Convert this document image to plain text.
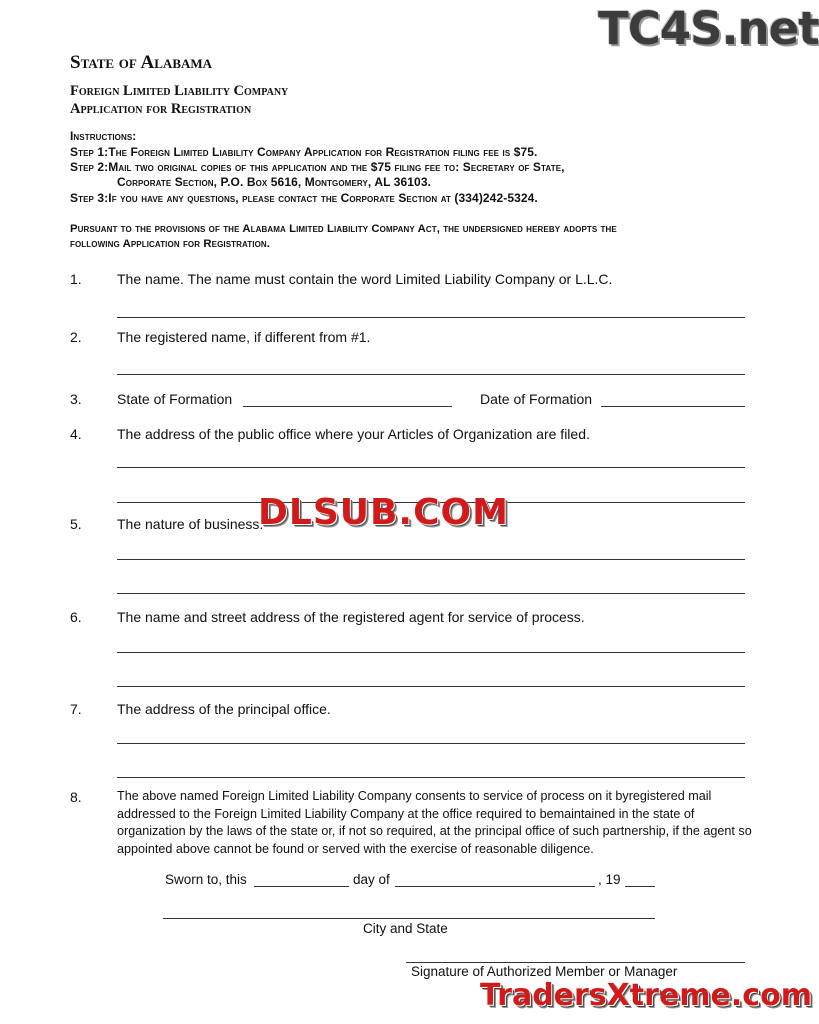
TC4S.net
State of Alabama
Foreign Limited Liability Company
Application for Registration
Instructions:
Step 1:The Foreign Limited Liability Company Application for Registration filing fee is $75.
Step 2:Mail two original copies of this application and the $75 filing fee to: Secretary of State,
Corporate Section, P.O. Box 5616, Montgomery, AL 36103.
Step 3:If you have any questions, please contact the Corporate Section at (334)242-5324.
Pursuant to the provisions of the Alabama Limited Liability Company Act, the undersigned hereby adopts the
following Application for Registration.
1.	The name. The name must contain the word Limited Liability Company or L.L.C.
2.	The registered name, if different from #1.
3.	State of Formation	Date of Formation
4.	The address of the public office where your Articles of Organization are filed.
DLSUB.COM
5.	The nature of business.
6.	The name and street address of the registered agent for service of process.
7.	The address of the principal office.
8.	The above named Foreign Limited Liability Company consents to service of process on it byregistered mail addressed to the Foreign Limited Liability Company at the office required to bemaintained in the state of organization by the laws of the state or, if not so required, at the principal office of such partnership, if the agent so appointed above cannot be found or served with the exercise of reasonable diligence.
Sworn to, this	day of	, 19
City and State
Signature of Authorized Member or Manager
TradersXtreme.com
